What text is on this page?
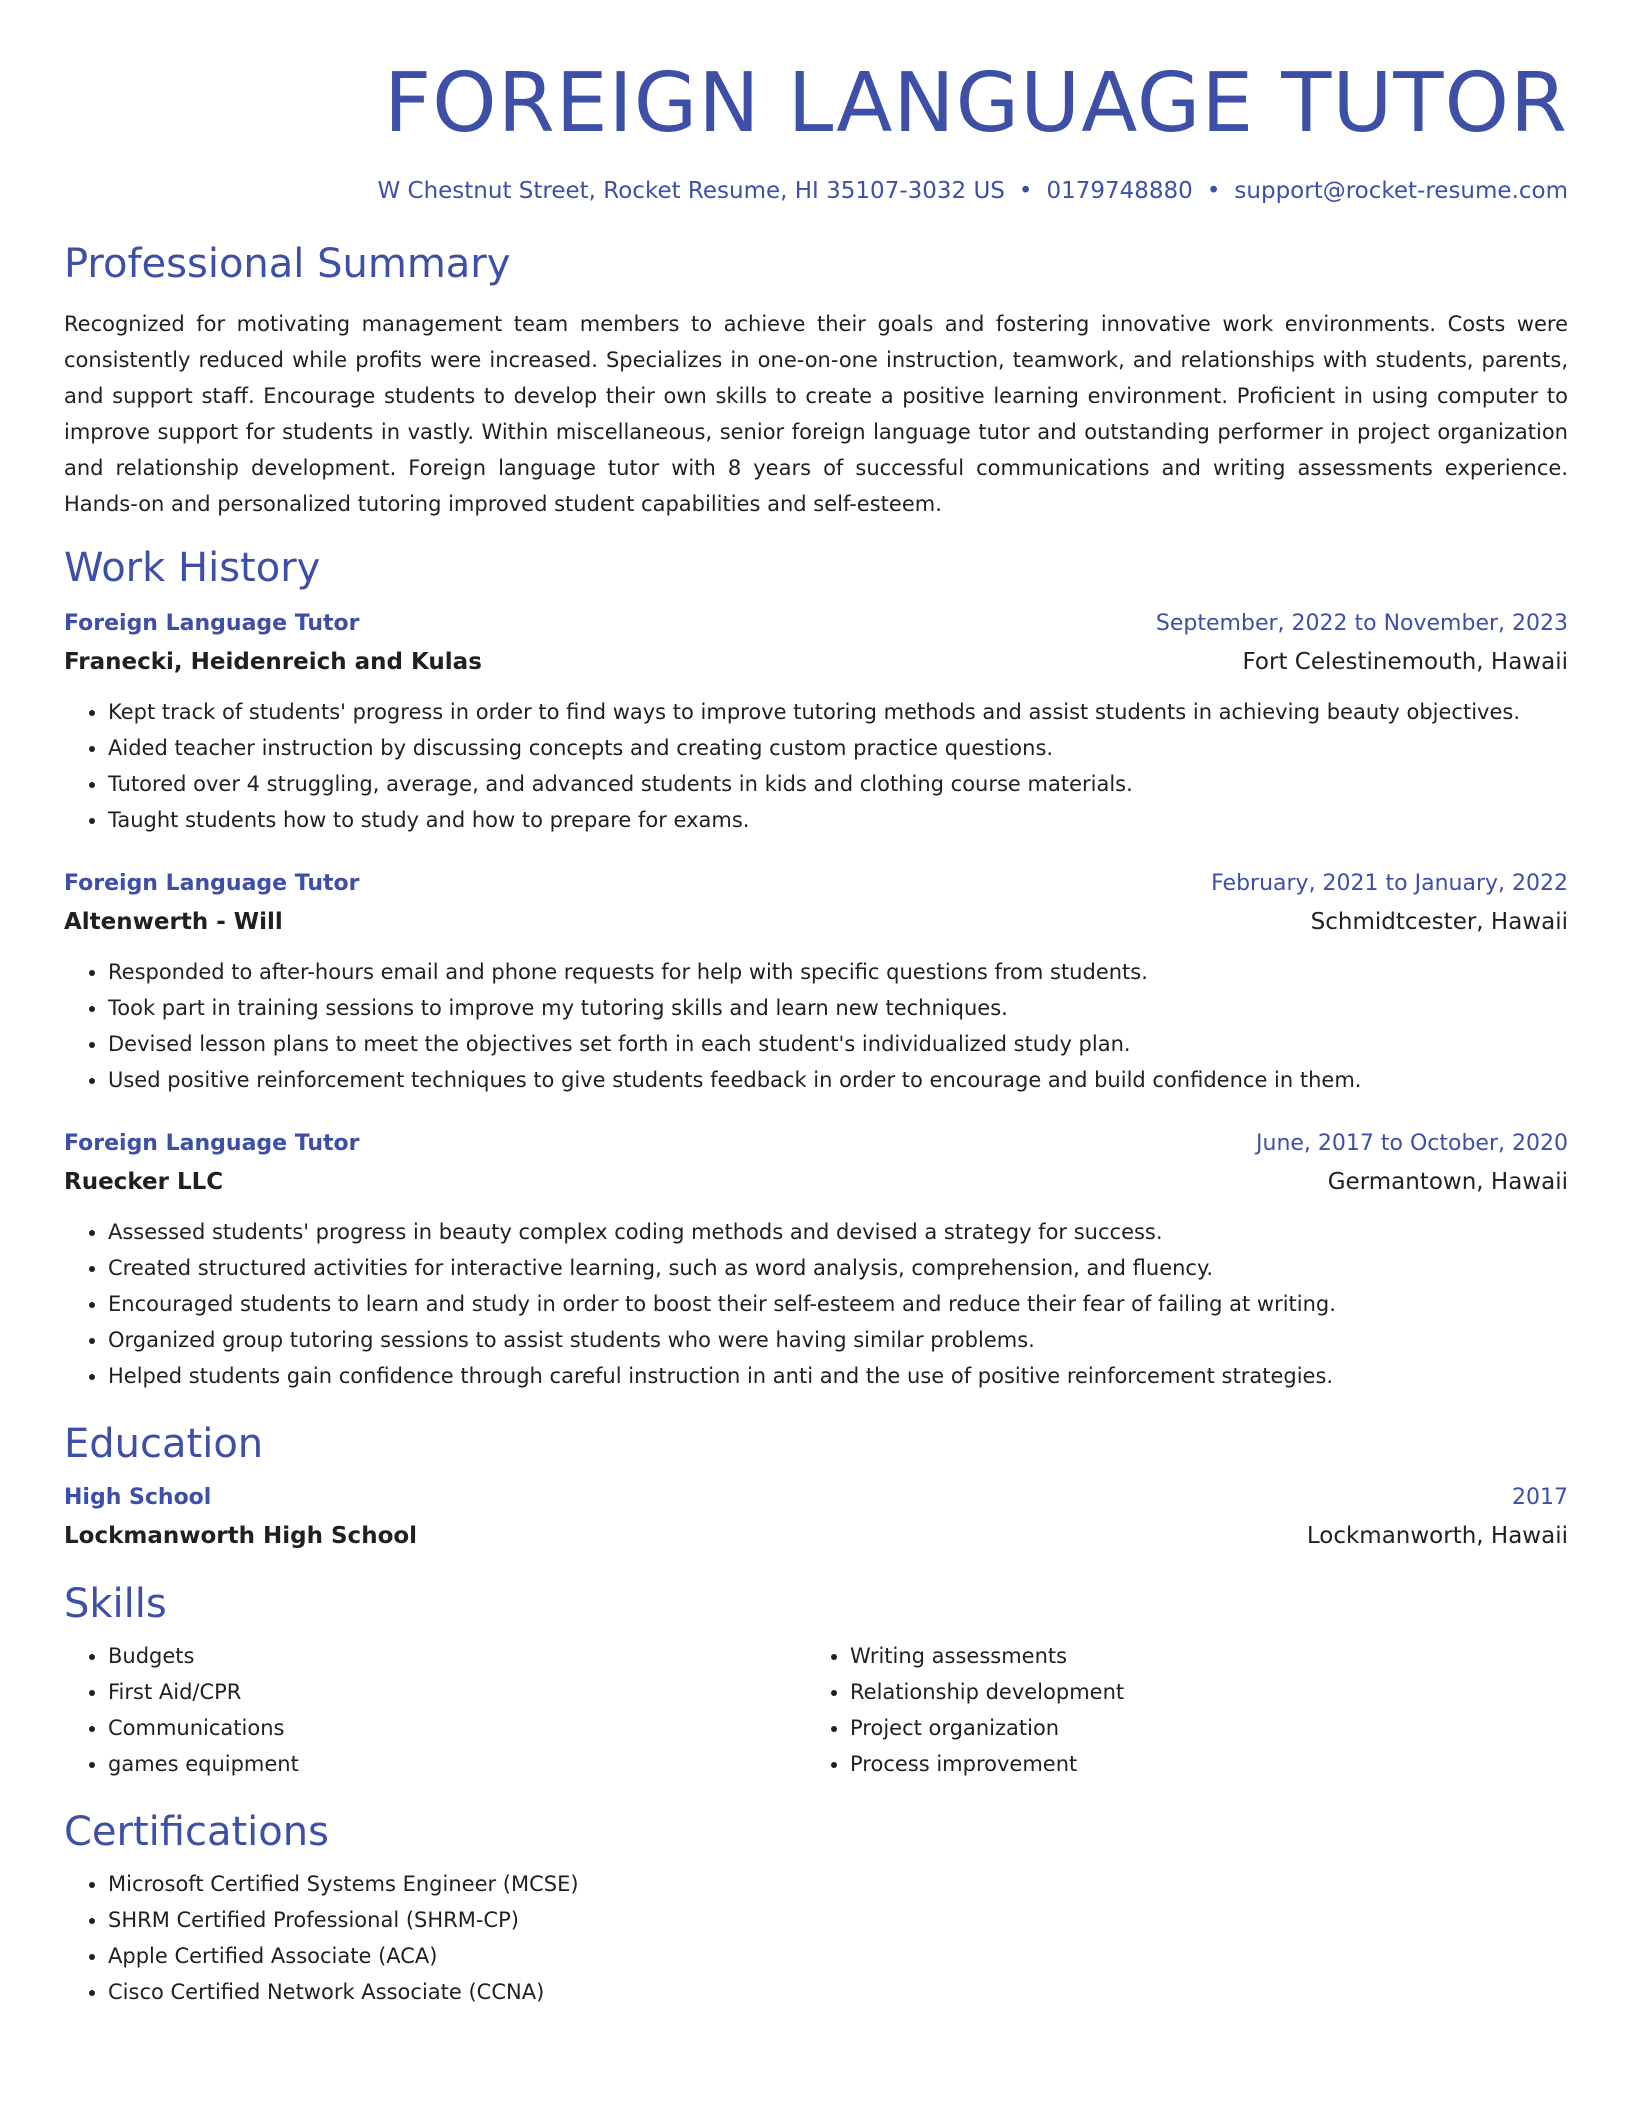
FOREIGN LANGUAGE TUTOR
W Chestnut Street, Rocket Resume, HI 35107-3032 US • 0179748880 • support@rocket-resume.com
Professional Summary

Recognized for motivating management team members to achieve their goals and fostering innovative work environments. Costs were consistently reduced while profits were increased. Specializes in one-on-one instruction, teamwork, and relationships with students, parents, and support staff. Encourage students to develop their own skills to create a positive learning environment. Proficient in using computer to improve support for students in vastly. Within miscellaneous, senior foreign language tutor and outstanding performer in project organization and relationship development. Foreign language tutor with 8 years of successful communications and writing assessments experience. Hands-on and personalized tutoring improved student capabilities and self-esteem.

Work History
Foreign Language Tutor	September, 2022 to November, 2023
Franecki, Heidenreich and Kulas	Fort Celestinemouth, Hawaii
• Kept track of students' progress in order to find ways to improve tutoring methods and assist students in achieving beauty objectives.
• Aided teacher instruction by discussing concepts and creating custom practice questions.
• Tutored over 4 struggling, average, and advanced students in kids and clothing course materials.
• Taught students how to study and how to prepare for exams.
Foreign Language Tutor	February, 2021 to January, 2022
Altenwerth - Will	Schmidtcester, Hawaii
• Responded to after-hours email and phone requests for help with specific questions from students.
• Took part in training sessions to improve my tutoring skills and learn new techniques.
• Devised lesson plans to meet the objectives set forth in each student's individualized study plan.
• Used positive reinforcement techniques to give students feedback in order to encourage and build confidence in them.
Foreign Language Tutor	June, 2017 to October, 2020
Ruecker LLC	Germantown, Hawaii
• Assessed students' progress in beauty complex coding methods and devised a strategy for success.
• Created structured activities for interactive learning, such as word analysis, comprehension, and fluency.
• Encouraged students to learn and study in order to boost their self-esteem and reduce their fear of failing at writing.
• Organized group tutoring sessions to assist students who were having similar problems.
• Helped students gain confidence through careful instruction in anti and the use of positive reinforcement strategies.
Education
High School	2017
Lockmanworth High School	Lockmanworth, Hawaii
Skills
• Budgets
• First Aid/CPR
• Communications
• games equipment
• Writing assessments
• Relationship development
• Project organization
• Process improvement
Certifications
• Microsoft Certified Systems Engineer (MCSE)
• SHRM Certified Professional (SHRM-CP)
• Apple Certified Associate (ACA)
• Cisco Certified Network Associate (CCNA)
